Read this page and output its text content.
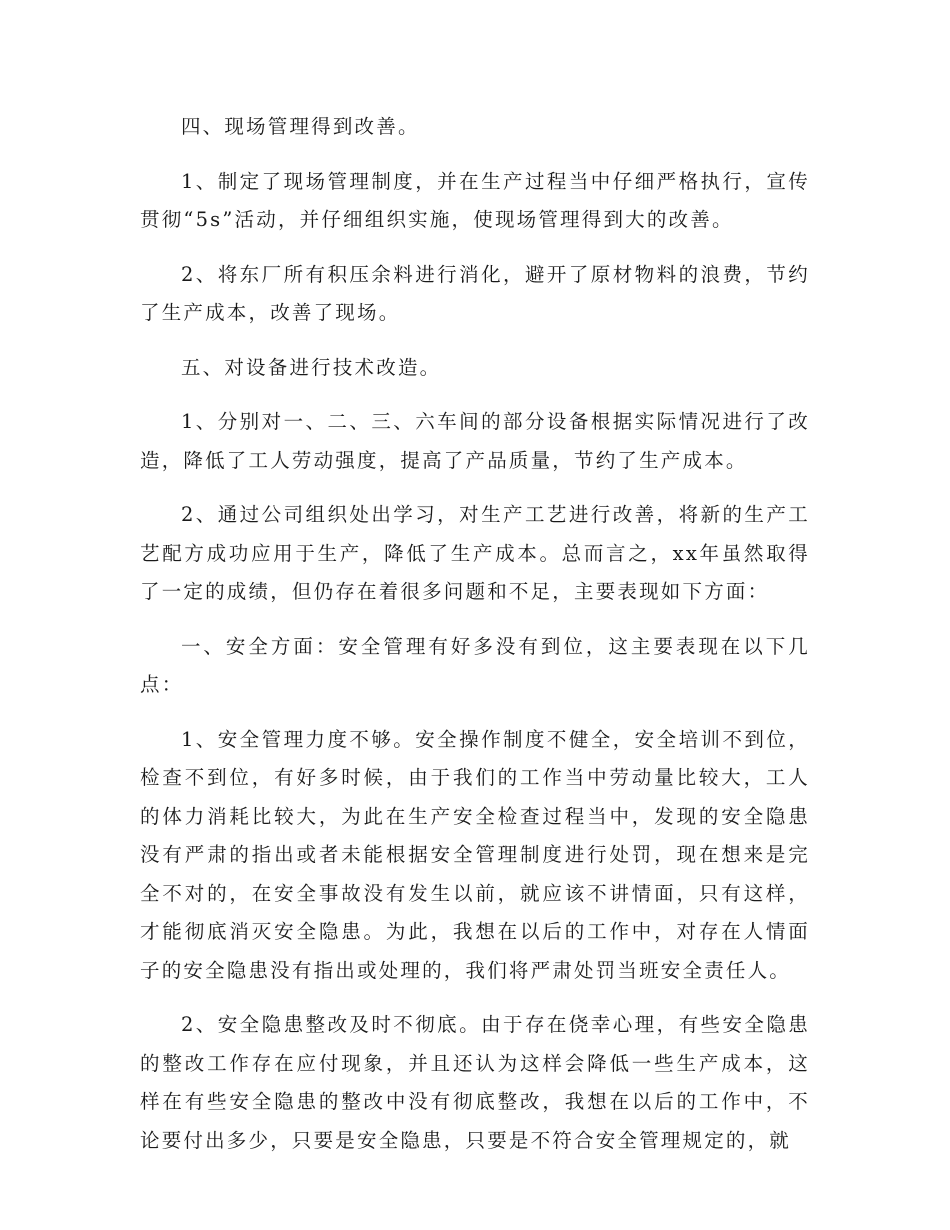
四、现场管理得到改善。

1、制定了现场管理制度，并在生产过程当中仔细严格执行，宣传贯彻“5s”活动，并仔细组织实施，使现场管理得到大的改善。

2、将东厂所有积压余料进行消化，避开了原材物料的浪费，节约了生产成本，改善了现场。

五、对设备进行技术改造。

1、分别对一、二、三、六车间的部分设备根据实际情况进行了改造，降低了工人劳动强度，提高了产品质量，节约了生产成本。

2、通过公司组织处出学习，对生产工艺进行改善，将新的生产工艺配方成功应用于生产，降低了生产成本。总而言之，xx年虽然取得了一定的成绩，但仍存在着很多问题和不足，主要表现如下方面：

一、安全方面：安全管理有好多没有到位，这主要表现在以下几点：

1、安全管理力度不够。安全操作制度不健全，安全培训不到位，检查不到位，有好多时候，由于我们的工作当中劳动量比较大，工人的体力消耗比较大，为此在生产安全检查过程当中，发现的安全隐患没有严肃的指出或者未能根据安全管理制度进行处罚，现在想来是完全不对的，在安全事故没有发生以前，就应该不讲情面，只有这样，才能彻底消灭安全隐患。为此，我想在以后的工作中，对存在人情面子的安全隐患没有指出或处理的，我们将严肃处罚当班安全责任人。

2、安全隐患整改及时不彻底。由于存在侥幸心理，有些安全隐患的整改工作存在应付现象，并且还认为这样会降低一些生产成本，这样在有些安全隐患的整改中没有彻底整改，我想在以后的工作中，不论要付出多少，只要是安全隐患，只要是不符合安全管理规定的，就
